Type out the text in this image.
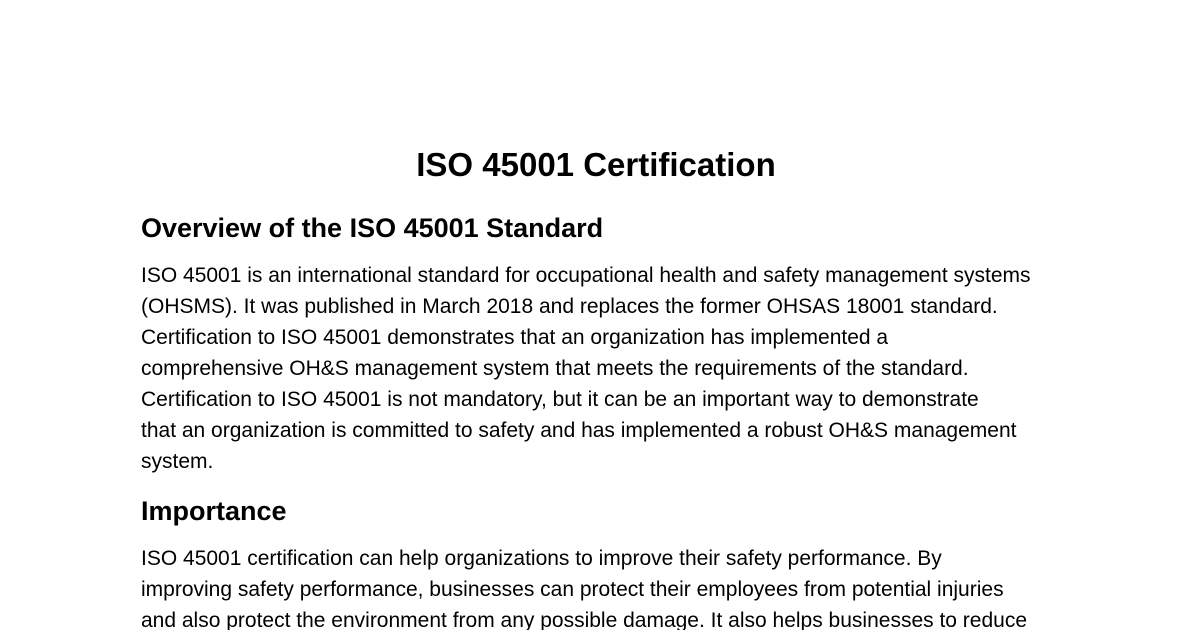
ISO 45001 Certification
Overview of the ISO 45001 Standard

ISO 45001 is an international standard for occupational health and safety management systems
(OHSMS). It was published in March 2018 and replaces the former OHSAS 18001 standard.
Certification to ISO 45001 demonstrates that an organization has implemented a
comprehensive OH&S management system that meets the requirements of the standard.
Certification to ISO 45001 is not mandatory, but it can be an important way to demonstrate
that an organization is committed to safety and has implemented a robust OH&S management
system.

Importance

ISO 45001 certification can help organizations to improve their safety performance. By
improving safety performance, businesses can protect their employees from potential injuries
and also protect the environment from any possible damage. It also helps businesses to reduce
